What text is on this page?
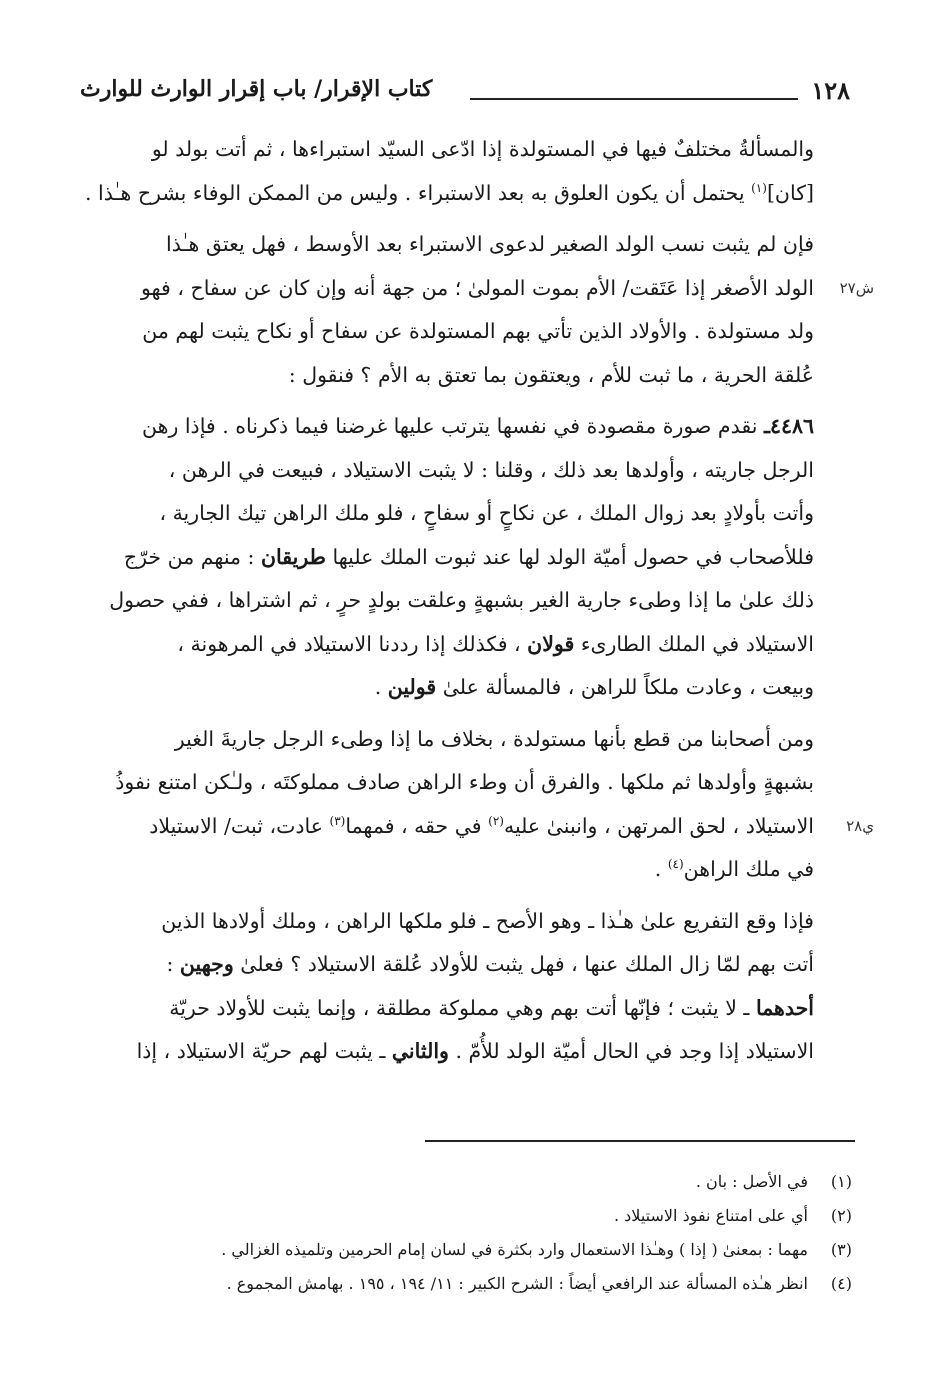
١٢٨
كتاب الإقرار/ باب إقرار الوارث للوارث

والمسألةُ مختلفٌ فيها في المستولدة إذا ادّعى السيّد استبراءها ، ثم أتت بولد لو
[كان]$^{(١)}$ يحتمل أن يكون العلوق به بعد الاستبراء . وليس من الممكن الوفاء بشرح هـٰذا .

فإن لم يثبت نسب الولد الصغير لدعوى الاستبراء بعد الأوسط ، فهل يعتق هـٰذا
ش٢٧
الولد الأصغر إذا عَتَقت/ الأم بموت المولىٰ ؛ من جهة أنه وإن كان عن سفاح ، فهو
ولد مستولدة . والأولاد الذين تأتي بهم المستولدة عن سفاح أو نكاح يثبت لهم من
عُلقة الحرية ، ما ثبت للأم ، ويعتقون بما تعتق به الأم ؟ فنقول :

٤٤٨٦ـ نقدم صورة مقصودة في نفسها يترتب عليها غرضنا فيما ذكرناه . فإذا رهن
الرجل جاريته ، وأولدها بعد ذلك ، وقلنا : لا يثبت الاستيلاد ، فبيعت في الرهن ،
وأتت بأولادٍ بعد زوال الملك ، عن نكاحٍ أو سفاحٍ ، فلو ملك الراهن تيك الجارية ،
فللأصحاب في حصول أميّة الولد لها عند ثبوت الملك عليها طريقان : منهم من خرّج
ذلك علىٰ ما إذا وطىء جارية الغير بشبهةٍ وعلقت بولدٍ حرٍ ، ثم اشتراها ، ففي حصول
الاستيلاد في الملك الطارىء قولان ، فكذلك إذا رددنا الاستيلاد في المرهونة ،
وبيعت ، وعادت ملكاً للراهن ، فالمسألة علىٰ قولين .

ومن أصحابنا من قطع بأنها مستولدة ، بخلاف ما إذا وطىء الرجل جاريةَ الغير
بشبهةٍ وأولدها ثم ملكها . والفرق أن وطء الراهن صادف مملوكتَه ، ولـٰكن امتنع نفوذُ
ي٢٨
الاستيلاد ، لحق المرتهن ، وانبنىٰ عليه$^{(٢)}$ في حقه ، فمهما$^{(٣)}$ عادت، ثبت/ الاستيلاد
في ملك الراهن$^{(٤)}$ .

فإذا وقع التفريع علىٰ هـٰذا ـ وهو الأصح ـ فلو ملكها الراهن ، وملك أولادها الذين
أتت بهم لمّا زال الملك عنها ، فهل يثبت للأولاد عُلقة الاستيلاد ؟ فعلىٰ وجهين :
أحدهما ـ لا يثبت ؛ فإنّها أتت بهم وهي مملوكة مطلقة ، وإنما يثبت للأولاد حريّة
الاستيلاد إذا وجد في الحال أميّة الولد للأُمّ . والثاني ـ يثبت لهم حريّة الاستيلاد ، إذا

(١)في الأصل : بان .
(٢)أي على امتناع نفوذ الاستيلاد .
(٣)مهما : بمعنىٰ ( إذا ) وهـٰذا الاستعمال وارد بكثرة في لسان إمام الحرمين وتلميذه الغزالي .
(٤)انظر هـٰذه المسألة عند الرافعي أيضاً : الشرح الكبير : ١١/ ١٩٤ ، ١٩٥ . بهامش المجموع .
